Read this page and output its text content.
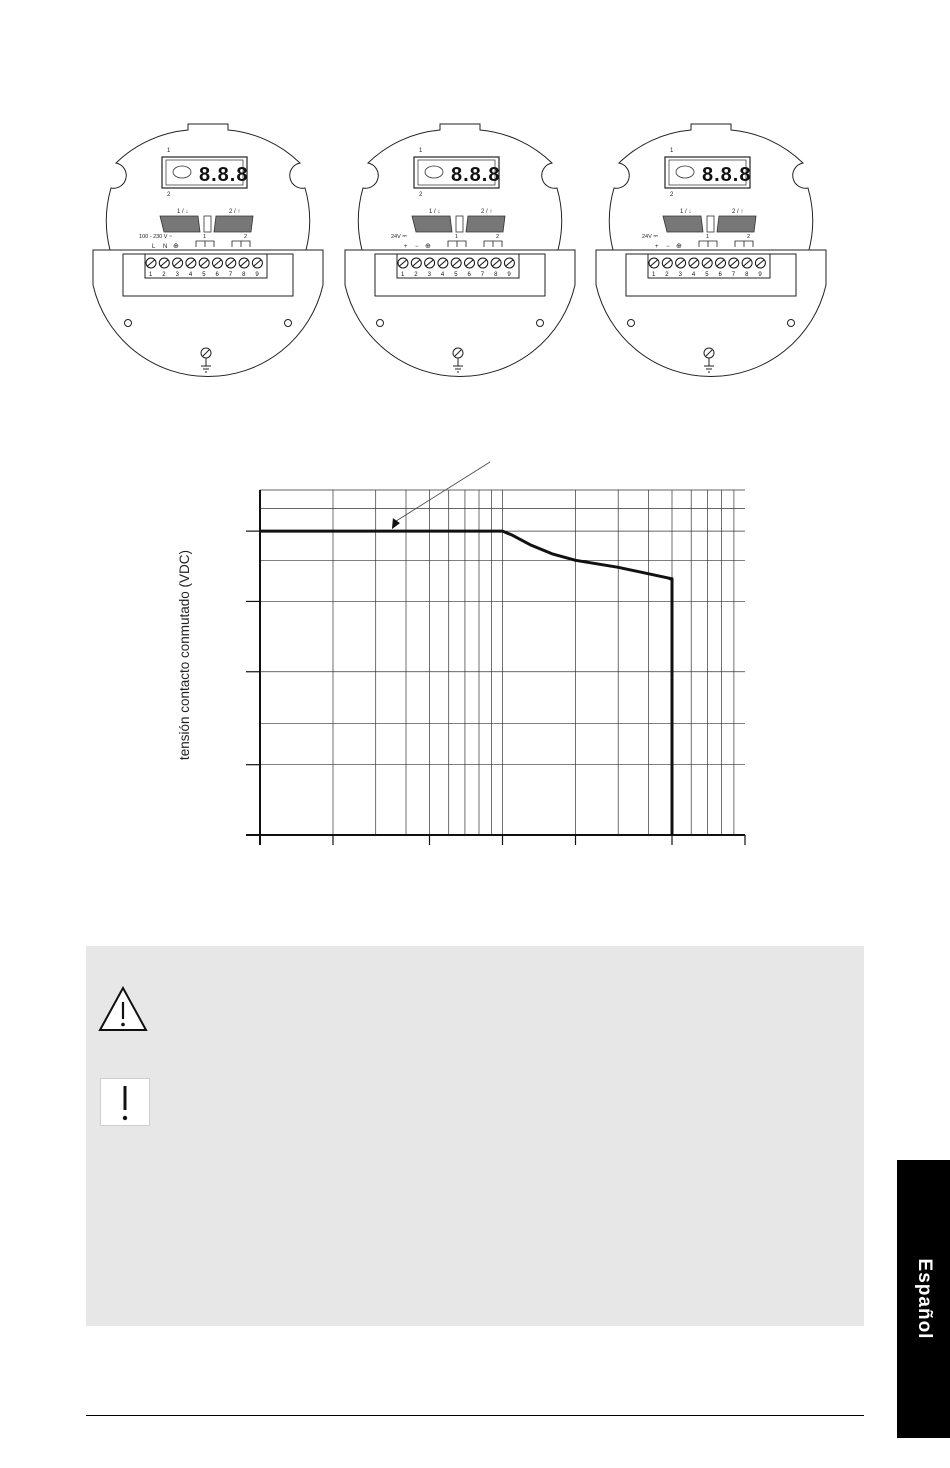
8.8.8
1
2
1 / ↓	2 / ↑
100 - 230 V ~
L N ⊕
1	2
1 2 3 4 5 6 7 8 9
8.8.8
1
2
1 / ↓	2 / ↑
24V ⎓
+ − ⊕
1	2
1 2 3 4 5 6 7 8 9
8.8.8
1
2
1 / ↓	2 / ↑
24V ⎓
+ − ⊕
1	2
1 2 3 4 5 6 7 8 9
tensión contacto conmutado (VDC)
Español
